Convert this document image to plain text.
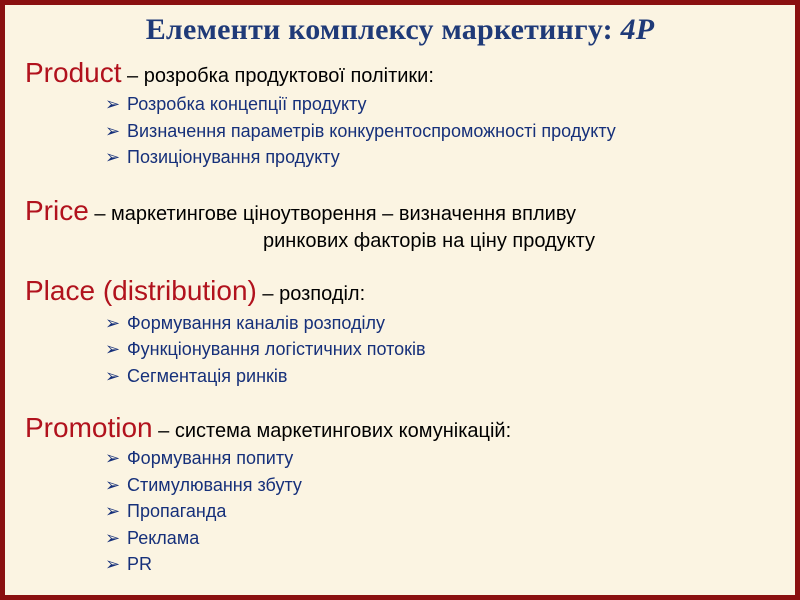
Елементи комплексу маркетингу: 4P
Product – розробка продуктової політики:
➢ Розробка концепції продукту
➢ Визначення параметрів конкурентоспроможності продукту
➢ Позиціонування продукту
Price – маркетингове ціноутворення – визначення впливу
ринкових факторів на ціну продукту
Place (distribution) – розподіл:
➢ Формування каналів розподілу
➢ Функціонування логістичних потоків
➢ Сегментація ринків
Promotion – система маркетингових комунікацій:
➢ Формування попиту
➢ Стимулювання збуту
➢ Пропаганда
➢ Реклама
➢ PR
